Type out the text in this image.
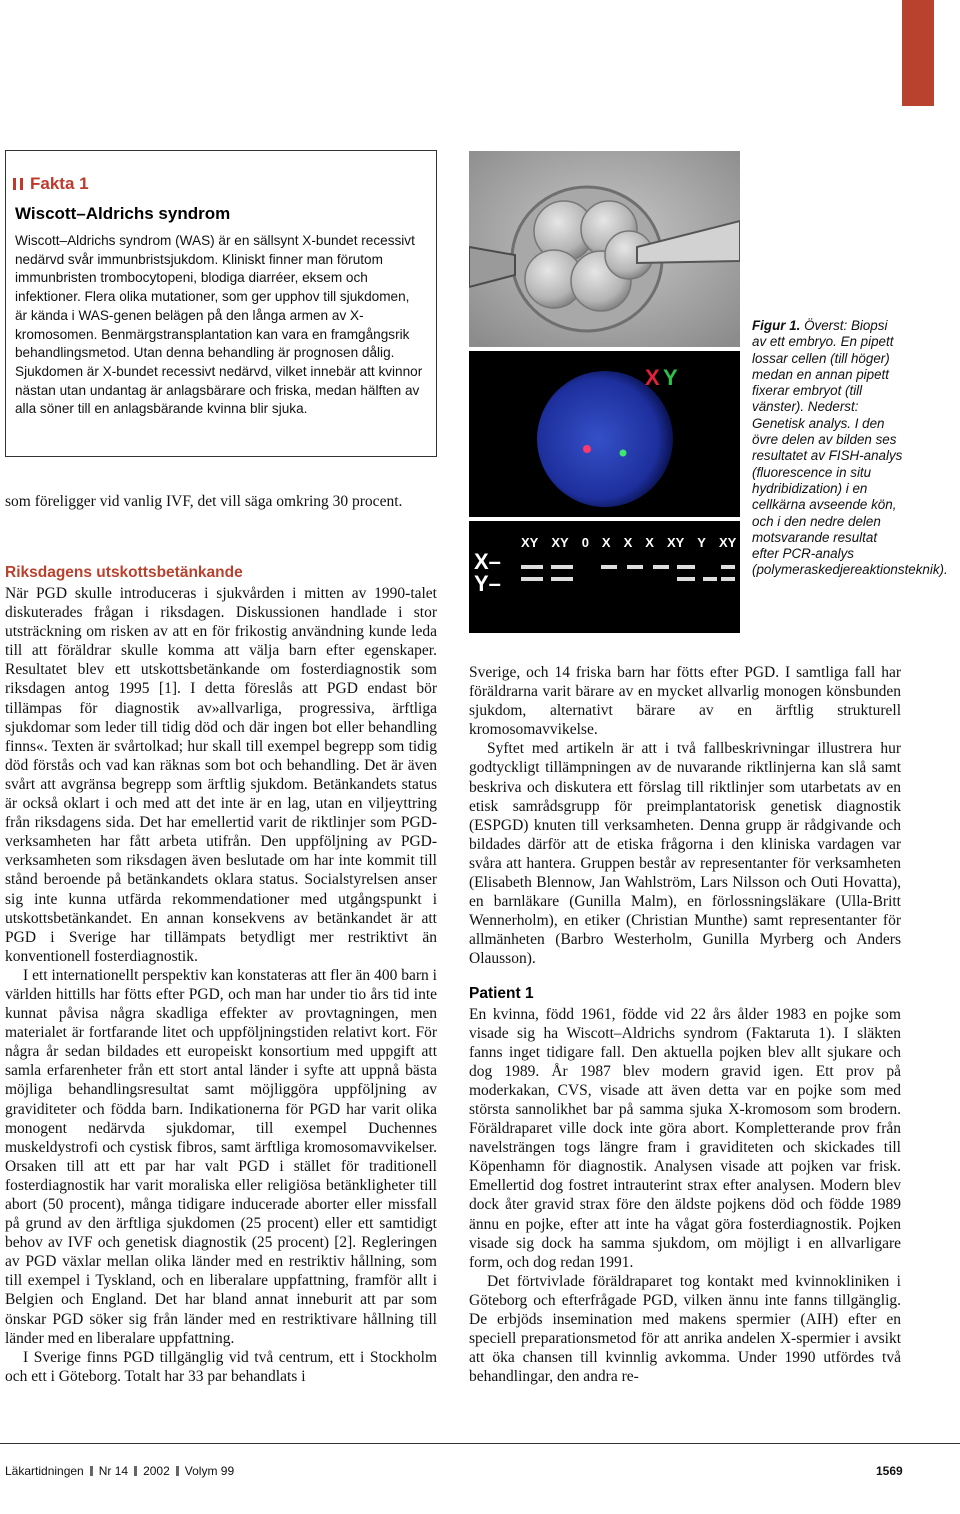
Fakta 1
Wiscott–Aldrichs syndrom
Wiscott–Aldrichs syndrom (WAS) är en sällsynt X-bundet recessivt nedärvd svår immunbristsjukdom. Kliniskt finner man förutom immunbristen trombocytopeni, blodiga diarréer, eksem och infektioner. Flera olika mutationer, som ger upphov till sjukdomen, är kända i WAS-genen belägen på den långa armen av X-kromosomen. Benmärgstransplantation kan vara en framgångsrik behandlingsmetod. Utan denna behandling är prognosen dålig. Sjukdomen är X-bundet recessivt nedärvd, vilket innebär att kvinnor nästan utan undantag är anlagsbärare och friska, medan hälften av alla söner till en anlagsbärande kvinna blir sjuka.

som föreligger vid vanlig IVF, det vill säga omkring 30 procent.

Riksdagens utskottsbetänkande

När PGD skulle introduceras i sjukvården i mitten av 1990-talet diskuterades frågan i riksdagen. Diskussionen handlade i stor utsträckning om risken av att en för frikostig användning kunde leda till att föräldrar skulle komma att välja barn efter egenskaper. Resultatet blev ett utskottsbetänkande om fosterdiagnostik som riksdagen antog 1995 [1]. I detta föreslås att PGD endast bör tillämpas för diagnostik av»allvarliga, progressiva, ärftliga sjukdomar som leder till tidig död och där ingen bot eller behandling finns«. Texten är svårtolkad; hur skall till exempel begrepp som tidig död förstås och vad kan räknas som bot och behandling. Det är även svårt att avgränsa begrepp som ärftlig sjukdom. Betänkandets status är också oklart i och med att det inte är en lag, utan en viljeyttring från riksdagens sida. Det har emellertid varit de riktlinjer som PGD-verksamheten har fått arbeta utifrån. Den uppföljning av PGD-verksamheten som riksdagen även beslutade om har inte kommit till stånd beroende på betänkandets oklara status. Socialstyrelsen anser sig inte kunna utfärda rekommendationer med utgångspunkt i utskottsbetänkandet. En annan konsekvens av betänkandet är att PGD i Sverige har tillämpats betydligt mer restriktivt än konventionell fosterdiagnostik.

I ett internationellt perspektiv kan konstateras att fler än 400 barn i världen hittills har fötts efter PGD, och man har under tio års tid inte kunnat påvisa några skadliga effekter av provtagningen, men materialet är fortfarande litet och uppföljningstiden relativt kort. För några år sedan bildades ett europeiskt konsortium med uppgift att samla erfarenheter från ett stort antal länder i syfte att uppnå bästa möjliga behandlingsresultat samt möjliggöra uppföljning av graviditeter och födda barn. Indikationerna för PGD har varit olika monogent nedärvda sjukdomar, till exempel Duchennes muskeldystrofi och cystisk fibros, samt ärftliga kromosomavvikelser. Orsaken till att ett par har valt PGD i stället för traditionell fosterdiagnostik har varit moraliska eller religiösa betänkligheter till abort (50 procent), många tidigare inducerade aborter eller missfall på grund av den ärftliga sjukdomen (25 procent) eller ett samtidigt behov av IVF och genetisk diagnostik (25 procent) [2]. Regleringen av PGD växlar mellan olika länder med en restriktiv hållning, som till exempel i Tyskland, och en liberalare uppfattning, framför allt i Belgien och England. Det har bland annat inneburit att par som önskar PGD söker sig från länder med en restriktivare hållning till länder med en liberalare uppfattning.

I Sverige finns PGD tillgänglig vid två centrum, ett i Stockholm och ett i Göteborg. Totalt har 33 par behandlats i

X Y
XY XY 0 X X X XY Y XY
X–
Y–
Figur 1. Överst: Biopsi av ett embryo. En pipett lossar cellen (till höger) medan en annan pipett fixerar embryot (till vänster). Nederst: Genetisk analys. I den övre delen av bilden ses resultatet av FISH-analys (fluorescence in situ hydribidization) i en cellkärna avseende kön, och i den nedre delen motsvarande resultat efter PCR-analys (polymeraskedjereaktionsteknik).

Sverige, och 14 friska barn har fötts efter PGD. I samtliga fall har föräldrarna varit bärare av en mycket allvarlig monogen könsbunden sjukdom, alternativt bärare av en ärftlig strukturell kromosomavvikelse.

Syftet med artikeln är att i två fallbeskrivningar illustrera hur godtyckligt tillämpningen av de nuvarande riktlinjerna kan slå samt beskriva och diskutera ett förslag till riktlinjer som utarbetats av en etisk samrådsgrupp för preimplantatorisk genetisk diagnostik (ESPGD) knuten till verksamheten. Denna grupp är rådgivande och bildades därför att de etiska frågorna i den kliniska vardagen var svåra att hantera. Gruppen består av representanter för verksamheten (Elisabeth Blennow, Jan Wahlström, Lars Nilsson och Outi Hovatta), en barnläkare (Gunilla Malm), en förlossningsläkare (Ulla-Britt Wennerholm), en etiker (Christian Munthe) samt representanter för allmänheten (Barbro Westerholm, Gunilla Myrberg och Anders Olausson).

Patient 1

En kvinna, född 1961, födde vid 22 års ålder 1983 en pojke som visade sig ha Wiscott–Aldrichs syndrom (Faktaruta 1). I släkten fanns inget tidigare fall. Den aktuella pojken blev allt sjukare och dog 1989. År 1987 blev modern gravid igen. Ett prov på moderkakan, CVS, visade att även detta var en pojke som med största sannolikhet bar på samma sjuka X-kromosom som brodern. Föräldraparet ville dock inte göra abort. Kompletterande prov från navelsträngen togs längre fram i graviditeten och skickades till Köpenhamn för diagnostik. Analysen visade att pojken var frisk. Emellertid dog fostret intrauterint strax efter analysen. Modern blev dock åter gravid strax före den äldste pojkens död och födde 1989 ännu en pojke, efter att inte ha vågat göra fosterdiagnostik. Pojken visade sig dock ha samma sjukdom, om möjligt i en allvarligare form, och dog redan 1991.

Det förtvivlade föräldraparet tog kontakt med kvinnokliniken i Göteborg och efterfrågade PGD, vilken ännu inte fanns tillgänglig. De erbjöds insemination med makens spermier (AIH) efter en speciell preparationsmetod för att anrika andelen X-spermier i avsikt att öka chansen till kvinnlig avkomma. Under 1990 utfördes två behandlingar, den andra re-

Läkartidningen Nr 14 2002 Volym 99	1569
